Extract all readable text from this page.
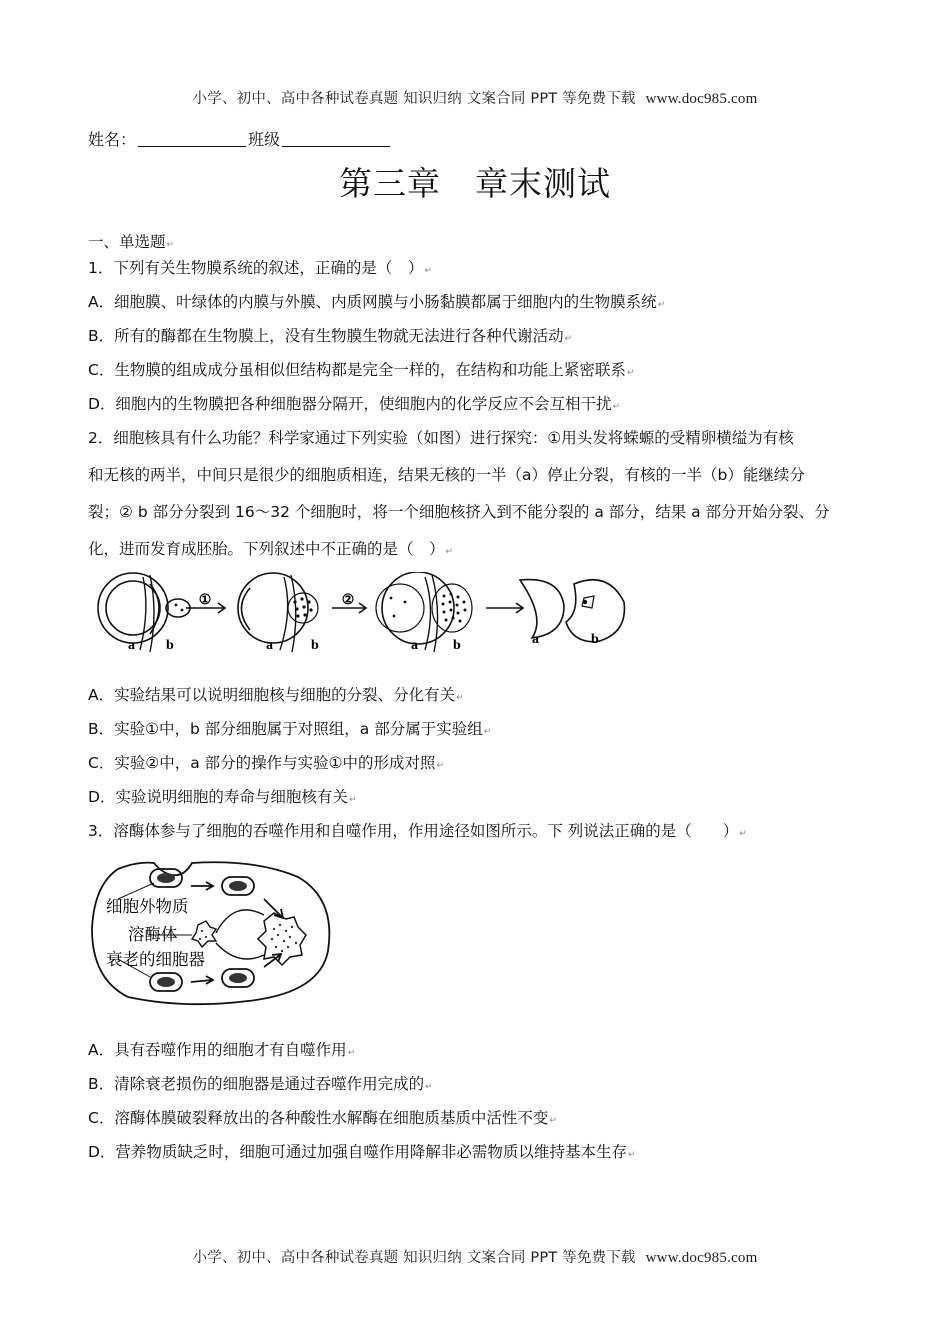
小学、初中、高中各种试卷真题 知识归纳 文案合同 PPT 等免费下载 www.doc985.com
姓名：	班级
第三章　章末测试
一、单选题↵
1．下列有关生物膜系统的叙述，正确的是（　）↵
A．细胞膜、叶绿体的内膜与外膜、内质网膜与小肠黏膜都属于细胞内的生物膜系统↵
B．所有的酶都在生物膜上，没有生物膜生物就无法进行各种代谢活动↵
C．生物膜的组成成分虽相似但结构都是完全一样的，在结构和功能上紧密联系↵
D．细胞内的生物膜把各种细胞器分隔开，使细胞内的化学反应不会互相干扰↵
2．细胞核具有什么功能？科学家通过下列实验（如图）进行探究：①用头发将蝾螈的受精卵横缢为有核
和无核的两半，中间只是很少的细胞质相连，结果无核的一半（a）停止分裂，有核的一半（b）能继续分
裂；② b 部分分裂到 16～32 个细胞时，将一个细胞核挤入到不能分裂的 a 部分，结果 a 部分开始分裂、分
化，进而发育成胚胎。下列叙述中不正确的是（　）↵
①	②
a b	a	b	a	b	a	b
A．实验结果可以说明细胞核与细胞的分裂、分化有关↵
B．实验①中，b 部分细胞属于对照组，a 部分属于实验组↵
C．实验②中，a 部分的操作与实验①中的形成对照↵
D．实验说明细胞的寿命与细胞核有关↵
3．溶酶体参与了细胞的吞噬作用和自噬作用，作用途径如图所示。下 列说法正确的是（　　）↵
细胞外物质
溶酶体
衰老的细胞器
A．具有吞噬作用的细胞才有自噬作用↵
B．清除衰老损伤的细胞器是通过吞噬作用完成的↵
C．溶酶体膜破裂释放出的各种酸性水解酶在细胞质基质中活性不变↵
D．营养物质缺乏时，细胞可通过加强自噬作用降解非必需物质以维持基本生存↵
小学、初中、高中各种试卷真题 知识归纳 文案合同 PPT 等免费下载 www.doc985.com
